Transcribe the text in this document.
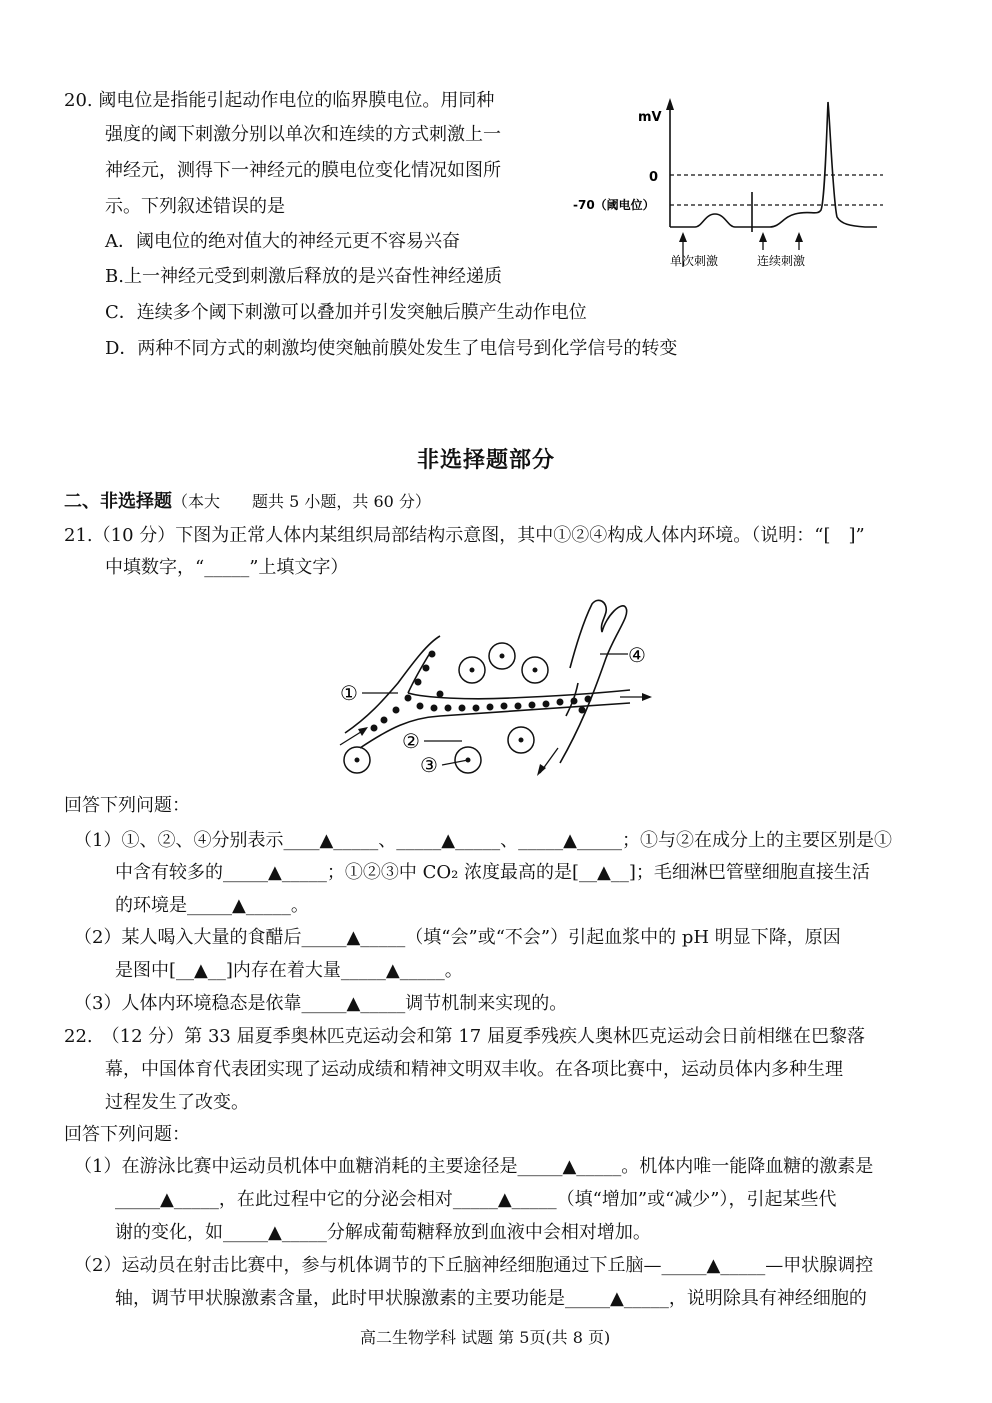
20. 阈电位是指能引起动作电位的临界膜电位。用同种
强度的阈下刺激分别以单次和连续的方式刺激上一
神经元，测得下一神经元的膜电位变化情况如图所
示。下列叙述错误的是
A．阈电位的绝对值大的神经元更不容易兴奋
B.上一神经元受到刺激后释放的是兴奋性神经递质
C．连续多个阈下刺激可以叠加并引发突触后膜产生动作电位
D．两种不同方式的刺激均使突触前膜处发生了电信号到化学信号的转变
mV
0
-70（阈电位）
单次刺激	连续刺激
非选择题部分
二、非选择题（本大　　题共 5 小题，共 60 分）
21.（10 分）下图为正常人体内某组织局部结构示意图，其中①②④构成人体内环境。（说明：“[　]”
中填数字，“_____”上填文字）
①
②
③
④
回答下列问题：
（1）①、②、④分别表示____▲_____、_____▲_____、_____▲_____；①与②在成分上的主要区别是①
中含有较多的_____▲_____；①②③中 CO₂ 浓度最高的是[__▲__]；毛细淋巴管壁细胞直接生活
的环境是_____▲_____。
（2）某人喝入大量的食醋后_____▲_____（填“会”或“不会”）引起血浆中的 pH 明显下降，原因
是图中[__▲__]内存在着大量_____▲_____。
（3）人体内环境稳态是依靠_____▲_____调节机制来实现的。
22.　（12 分）第 33 届夏季奥林匹克运动会和第 17 届夏季残疾人奥林匹克运动会日前相继在巴黎落
幕，中国体育代表团实现了运动成绩和精神文明双丰收。在各项比赛中，运动员体内多种生理
过程发生了改变。
回答下列问题：
（1）在游泳比赛中运动员机体中血糖消耗的主要途径是_____▲_____。机体内唯一能降血糖的激素是
_____▲_____，在此过程中它的分泌会相对_____▲_____（填“增加”或“减少”），引起某些代
谢的变化，如_____▲_____分解成葡萄糖释放到血液中会相对增加。
（2）运动员在射击比赛中，参与机体调节的下丘脑神经细胞通过下丘脑—_____▲_____—甲状腺调控
轴，调节甲状腺激素含量，此时甲状腺激素的主要功能是_____▲_____，说明除具有神经细胞的
高二生物学科 试题 第 5页(共 8 页)
